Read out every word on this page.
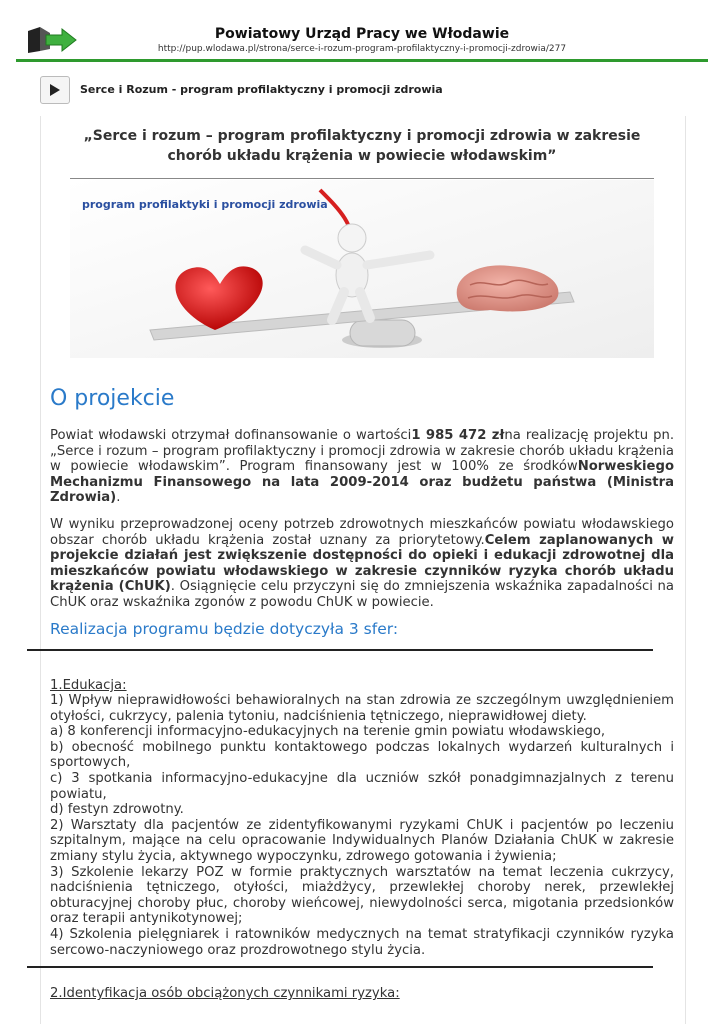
Powiatowy Urząd Pracy we Włodawie
http://pup.wlodawa.pl/strona/serce-i-rozum-program-profilaktyczny-i-promocji-zdrowia/277
Serce i Rozum - program profilaktyczny i promocji zdrowia
„Serce i rozum – program profilaktyczny i promocji zdrowia w zakresie
chorób układu krążenia w powiecie włodawskim”
program profilaktyki i promocji zdrowia
O projekcie

Powiat włodawski otrzymał dofinansowanie o wartości1 985 472 złna realizację projektu pn. „Serce i rozum – program profilaktyczny i promocji zdrowia w zakresie chorób układu krążenia w powiecie włodawskim”. Program finansowany jest w 100% ze środkówNorweskiego Mechanizmu Finansowego na lata 2009-2014 oraz budżetu państwa (Ministra Zdrowia).

W wyniku przeprowadzonej oceny potrzeb zdrowotnych mieszkańców powiatu włodawskiego obszar chorób układu krążenia został uznany za priorytetowy.Celem zaplanowanych w projekcie działań jest zwiększenie dostępności do opieki i edukacji zdrowotnej dla mieszkańców powiatu włodawskiego w zakresie czynników ryzyka chorób układu krążenia (ChUK). Osiągnięcie celu przyczyni się do zmniejszenia wskaźnika zapadalności na ChUK oraz wskaźnika zgonów z powodu ChUK w powiecie.

Realizacja programu będzie dotyczyła 3 sfer:
1.Edukacja:
1) Wpływ nieprawidłowości behawioralnych na stan zdrowia ze szczególnym uwzględnieniem otyłości, cukrzycy, palenia tytoniu, nadciśnienia tętniczego, nieprawidłowej diety.
a) 8 konferencji informacyjno-edukacyjnych na terenie gmin powiatu włodawskiego,
b) obecność mobilnego punktu kontaktowego podczas lokalnych wydarzeń kulturalnych i sportowych,
c) 3 spotkania informacyjno-edukacyjne dla uczniów szkół ponadgimnazjalnych z terenu powiatu,
d) festyn zdrowotny.
2) Warsztaty dla pacjentów ze zidentyfikowanymi ryzykami ChUK i pacjentów po leczeniu szpitalnym, mające na celu opracowanie Indywidualnych Planów Działania ChUK w zakresie zmiany stylu życia, aktywnego wypoczynku, zdrowego gotowania i żywienia;
3) Szkolenie lekarzy POZ w formie praktycznych warsztatów na temat leczenia cukrzycy, nadciśnienia tętniczego, otyłości, miażdżycy, przewlekłej choroby nerek, przewlekłej obturacyjnej choroby płuc, choroby wieńcowej, niewydolności serca, migotania przedsionków oraz terapii antynikotynowej;
4) Szkolenia pielęgniarek i ratowników medycznych na temat stratyfikacji czynników ryzyka sercowo-naczyniowego oraz prozdrowotnego stylu życia.
2.Identyfikacja osób obciążonych czynnikami ryzyka:
